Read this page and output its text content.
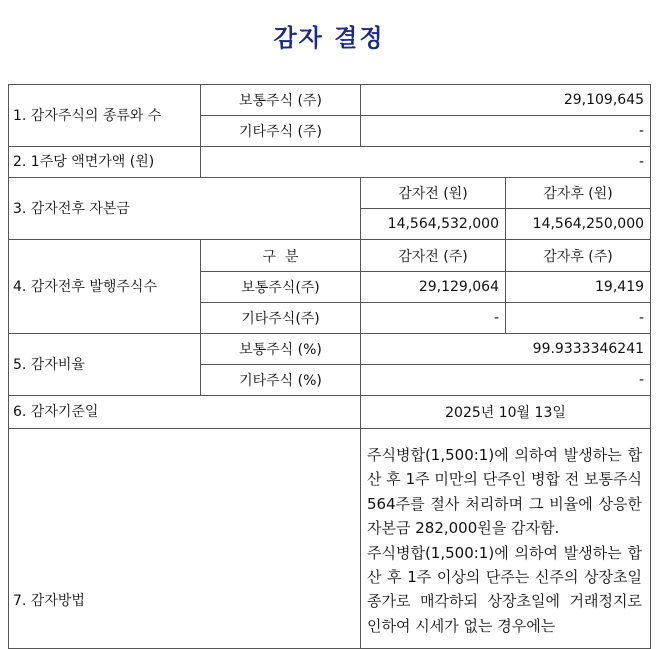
감자 결정
1. 감자주식의 종류와 수	보통주식 (주)	29,109,645	
	기타주식 (주)	-	
2. 1주당 액면가액 (원)	-		
3. 감자전후 자본금		감자전 (원)	감자후 (원)
		14,564,532,000	14,564,250,000
4. 감자전후 발행주식수	구  분	감자전 (주)	감자후 (주)
	보통주식(주)	29,129,064	19,419
	기타주식(주)	-	-
5. 감자비율	보통주식 (%)	99.9333346241	
	기타주식 (%)	-	
6. 감자기준일		2025년 10월 13일	
7. 감자방법		주식병합(1,500:1)에 의하여 발생하는 합산 후 1주 미만의 단주인 병합 전 보통주식 564주를 절사 처리하며 그 비율에 상응한 자본금 282,000원을 감자함.

주식병합(1,500:1)에 의하여 발생하는 합산 후 1주 이상의 단주는 신주의 상장초일 종가로 매각하되 상장초일에 거래정지로 인하여 시세가 없는 경우에는	
